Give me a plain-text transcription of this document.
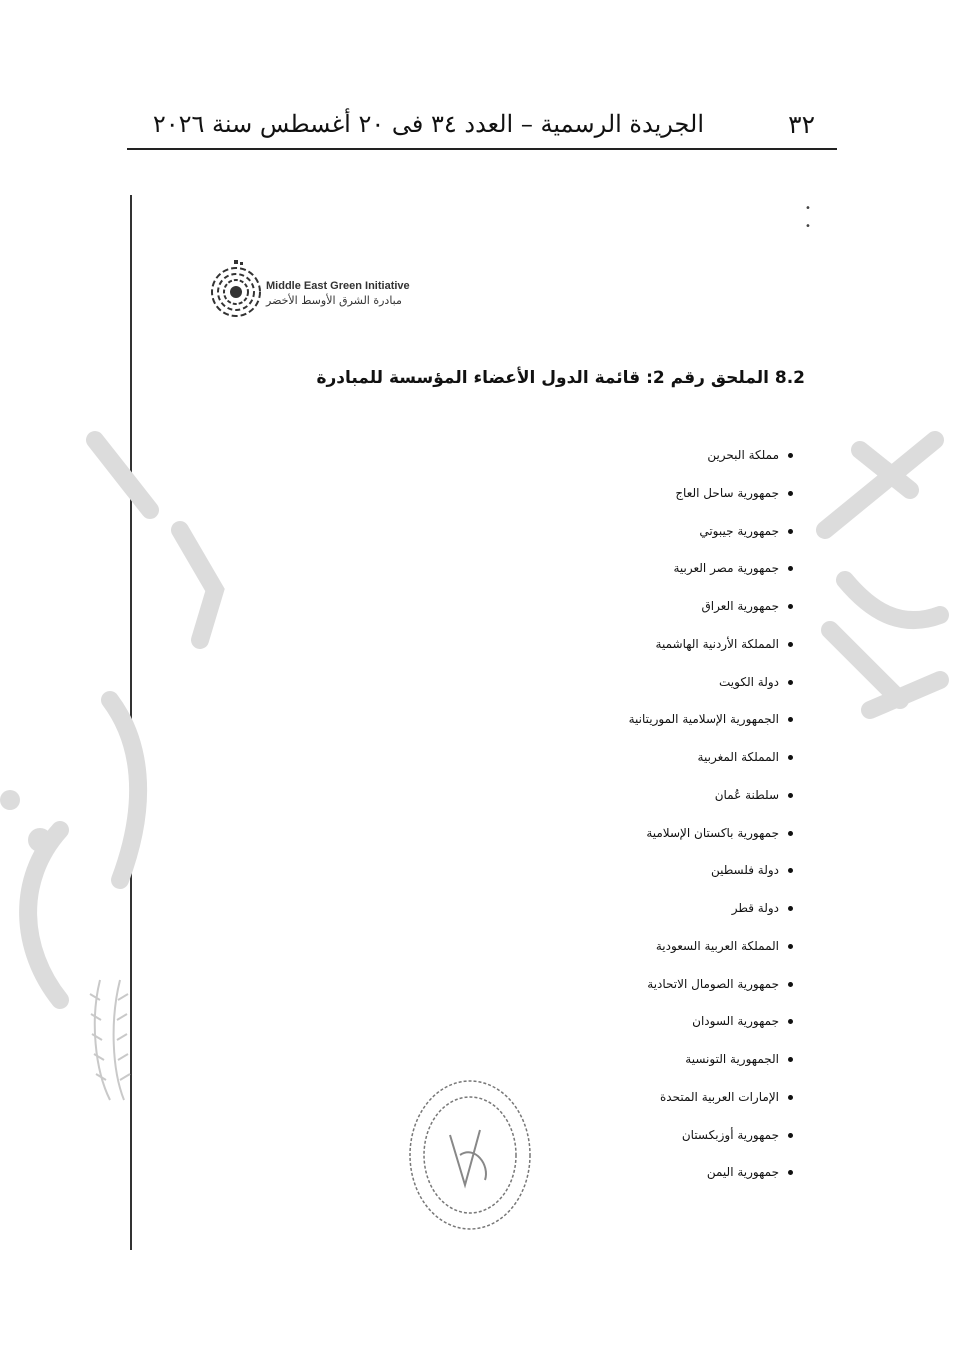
٣٢
الجريدة الرسمية – العدد ٣٤ فى ٢٠ أغسطس سنة ٢٠٢٦
•
•
Middle East Green Initiative
مبادرة الشرق الأوسط الأخضر
8.2 الملحق رقم 2: قائمة الدول الأعضاء المؤسسة للمبادرة
مملكة البحرين
جمهورية ساحل العاج
جمهورية جيبوتي
جمهورية مصر العربية
جمهورية العراق
المملكة الأردنية الهاشمية
دولة الكويت
الجمهورية الإسلامية الموريتانية
المملكة المغربية
سلطنة عُمان
جمهورية باكستان الإسلامية
دولة فلسطين
دولة قطر
المملكة العربية السعودية
جمهورية الصومال الاتحادية
جمهورية السودان
الجمهورية التونسية
الإمارات العربية المتحدة
جمهورية أوزبكستان
جمهورية اليمن
